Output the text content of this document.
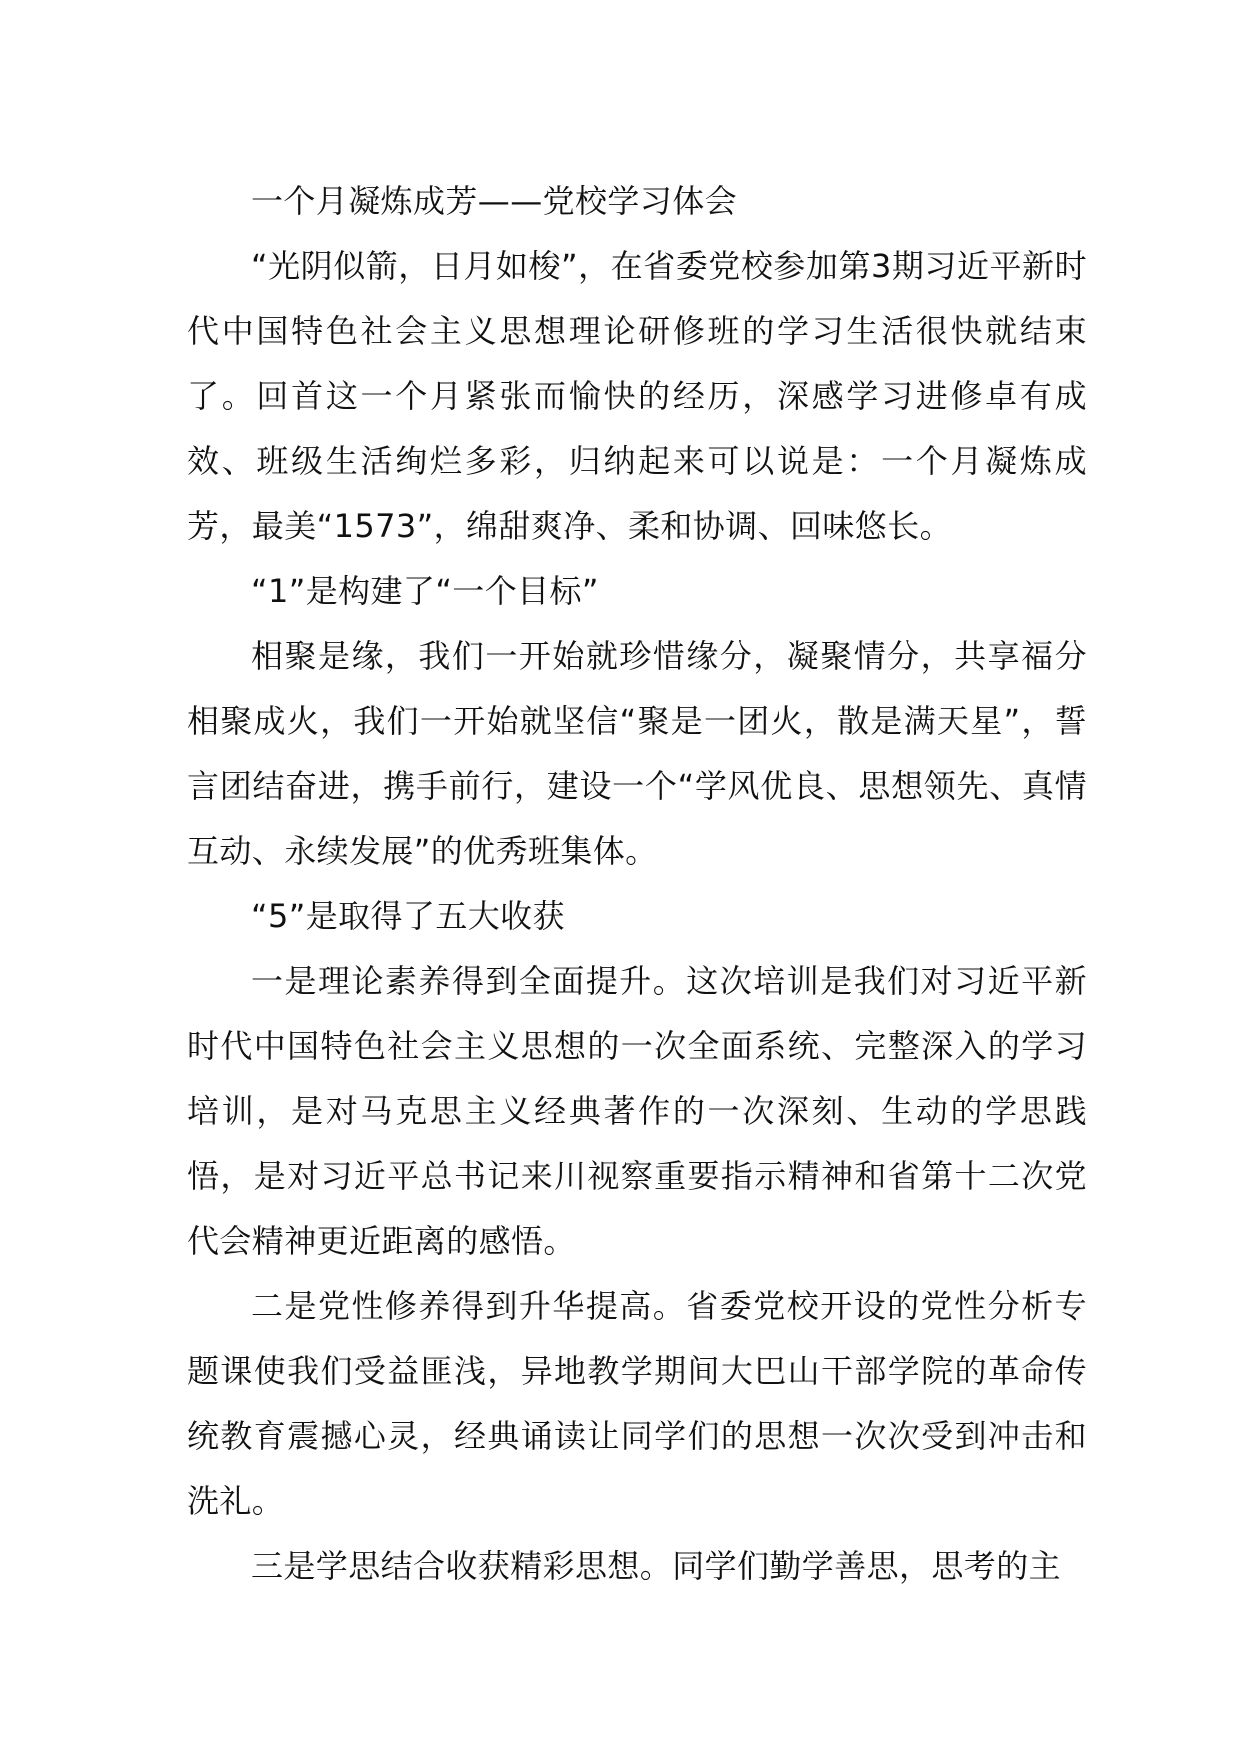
一个月凝炼成芳——党校学习体会

“光阴似箭，日月如梭”，在省委党校参加第3期习近平新时代中国特色社会主义思想理论研修班的学习生活很快就结束了。回首这一个月紧张而愉快的经历，深感学习进修卓有成效、班级生活绚烂多彩，归纳起来可以说是：一个月凝炼成芳，最美“1573”，绵甜爽净、柔和协调、回味悠长。

“1”是构建了“一个目标”

相聚是缘，我们一开始就珍惜缘分，凝聚情分，共享福分相聚成火，我们一开始就坚信“聚是一团火，散是满天星”，誓言团结奋进，携手前行，建设一个“学风优良、思想领先、真情互动、永续发展”的优秀班集体。

“5”是取得了五大收获

一是理论素养得到全面提升。这次培训是我们对习近平新时代中国特色社会主义思想的一次全面系统、完整深入的学习培训，是对马克思主义经典著作的一次深刻、生动的学思践悟，是对习近平总书记来川视察重要指示精神和省第十二次党代会精神更近距离的感悟。

二是党性修养得到升华提高。省委党校开设的党性分析专题课使我们受益匪浅，异地教学期间大巴山干部学院的革命传统教育震撼心灵，经典诵读让同学们的思想一次次受到冲击和洗礼。

三是学思结合收获精彩思想。同学们勤学善思，思考的主
